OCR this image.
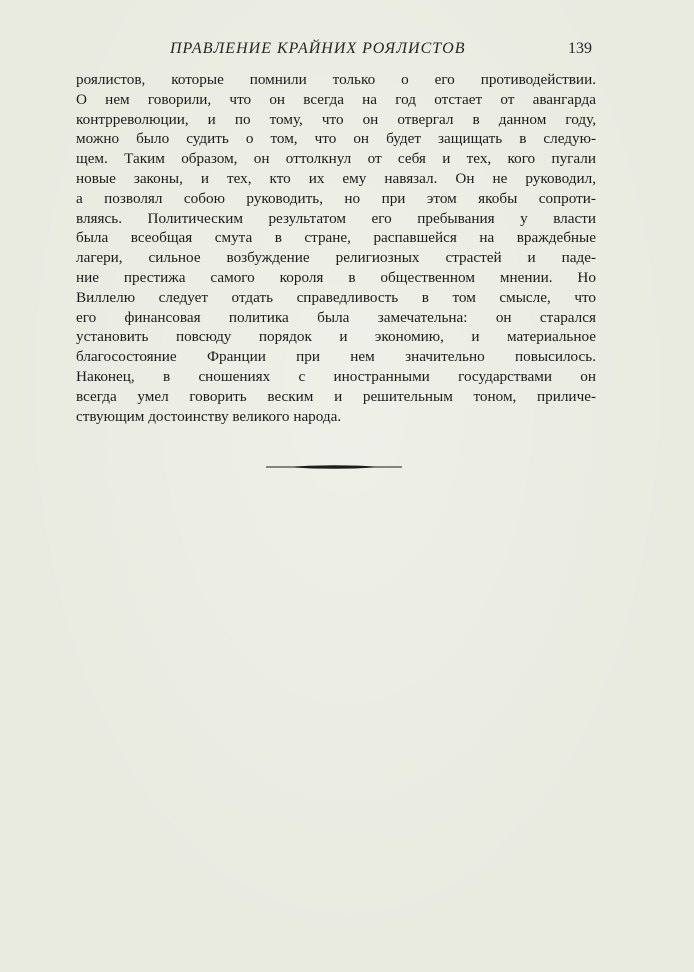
ПРАВЛЕНИЕ КРАЙНИХ РОЯЛИСТОВ	139
роялистов, которые помнили только о его противодействии.
О нем говорили, что он всегда на год отстает от авангарда
контрреволюции, и по тому, что он отвергал в данном году,
можно было судить о том, что он будет защищать в следую-
щем. Таким образом, он оттолкнул от себя и тех, кого пугали
новые законы, и тех, кто их ему навязал. Он не руководил,
а позволял собою руководить, но при этом якобы сопроти-
вляясь. Политическим результатом его пребывания у власти
была всеобщая смута в стране, распавшейся на враждебные
лагери, сильное возбуждение религиозных страстей и паде-
ние престижа самого короля в общественном мнении. Но
Виллелю следует отдать справедливость в том смысле, что
его финансовая политика была замечательна: он старался
установить повсюду порядок и экономию, и материальное
благосостояние Франции при нем значительно повысилось.
Наконец, в сношениях с иностранными государствами он
всегда умел говорить веским и решительным тоном, приличе-
ствующим достоинству великого народа.
